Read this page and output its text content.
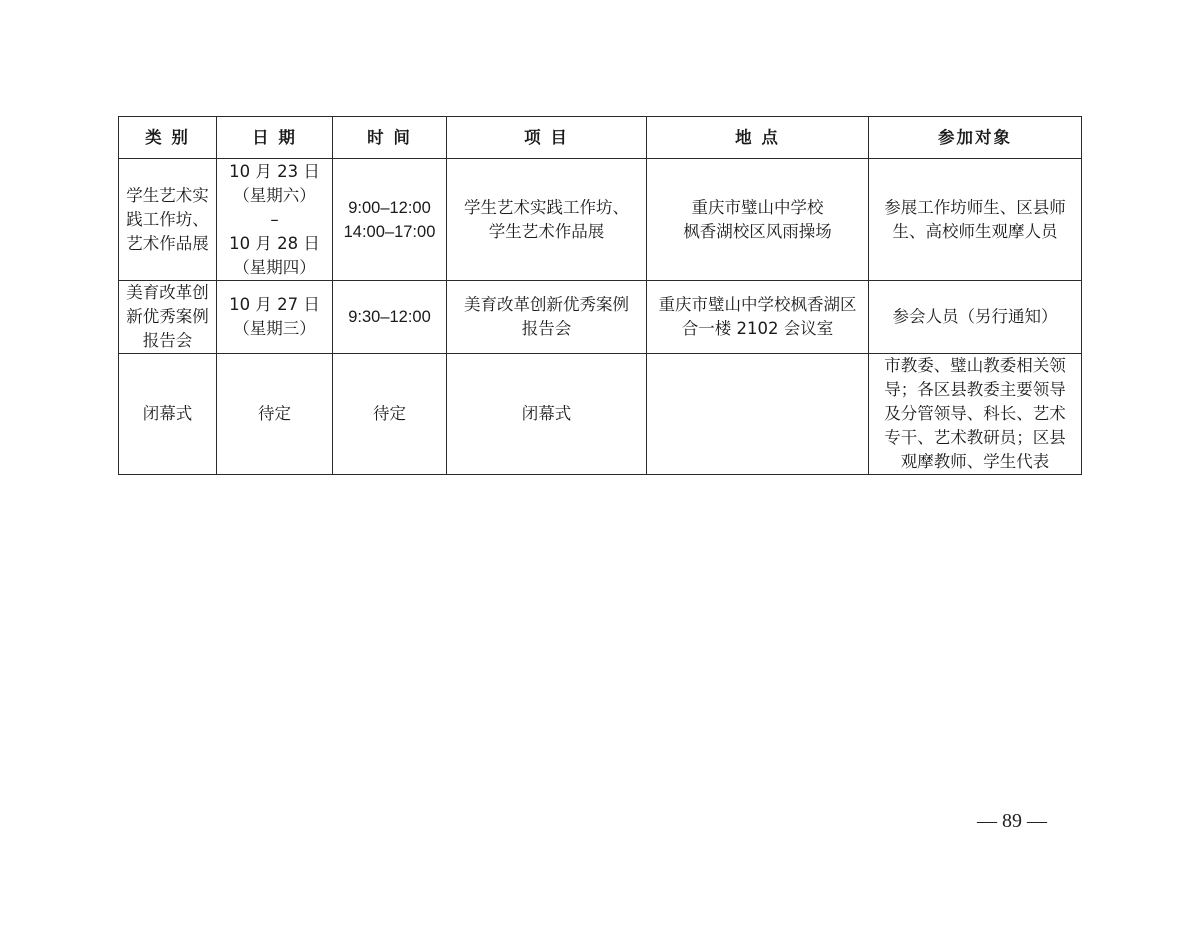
类 别	日 期	时 间	项 目	地 点	参加对象

学生艺术实
践工作坊、
艺术作品展	10 月 23 日
（星期六）
–
10 月 28 日
（星期四）	9:00–12:00
14:00–17:00	学生艺术实践工作坊、
学生艺术作品展	重庆市璧山中学校
枫香湖校区风雨操场	参展工作坊师生、区县师
生、高校师生观摩人员

美育改革创
新优秀案例
报告会	10 月 27 日
（星期三）	9:30–12:00	美育改革创新优秀案例
报告会	重庆市璧山中学校枫香湖区
合一楼 2102 会议室	参会人员（另行通知）

闭幕式	待定	待定	闭幕式		市教委、璧山教委相关领
导；各区县教委主要领导
及分管领导、科长、艺术
专干、艺术教研员；区县
观摩教师、学生代表
— 89 —
